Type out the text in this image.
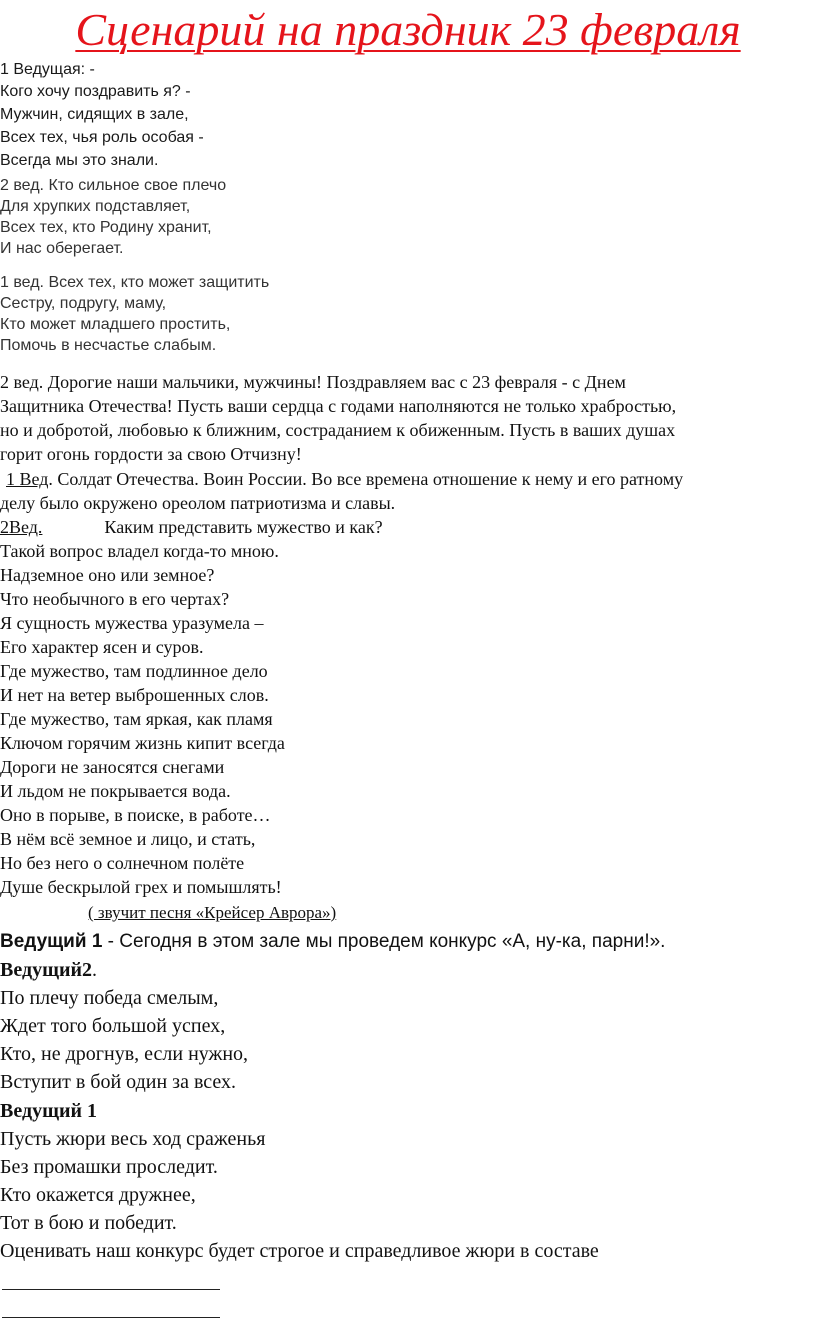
Сценарий на праздник 23 февраля
1 Ведущая: -
Кого хочу поздравить я? -
Мужчин, сидящих в зале,
Всех тех, чья роль особая -
Всегда мы это знали.
2 вед. Кто сильное свое плечо
Для хрупких подставляет,
Всех тех, кто Родину хранит,
И нас оберегает.
1 вед. Всех тех, кто может защитить
Сестру, подругу, маму,
Кто может младшего простить,
Помочь в несчастье слабым.
2 вед. Дорогие наши мальчики, мужчины! Поздравляем вас с 23 февраля - с Днем
Защитника Отечества! Пусть ваши сердца с годами наполняются не только храбростью,
но и добротой, любовью к ближним, состраданием к обиженным. Пусть в ваших душах
горит огонь гордости за свою Отчизну!
1 Вед. Солдат Отечества. Воин России. Во все времена отношение к нему и его ратному
делу было окружено ореолом патриотизма и славы.
2Вед.	Каким представить мужество и как?
Такой вопрос владел когда-то мною.
Надземное оно или земное?
Что необычного в его чертах?
Я сущность мужества уразумела –
Его характер ясен и суров.
Где мужество, там подлинное дело
И нет на ветер выброшенных слов.
Где мужество, там яркая, как пламя
Ключом горячим жизнь кипит всегда
Дороги не заносятся снегами
И льдом не покрывается вода.
Оно в порыве, в поиске, в работе…
В нём всё земное и лицо, и стать,
Но без него о солнечном полёте
Душе бескрылой грех и помышлять!
( звучит песня «Крейсер Аврора»)
Ведущий 1 - Сегодня в этом зале мы проведем конкурс «А, ну-ка, парни!».
Ведущий2.
По плечу победа смелым,
Ждет того большой успех,
Кто, не дрогнув, если нужно,
Вступит в бой один за всех.
Ведущий 1
Пусть жюри весь ход сраженья
Без промашки проследит.
Кто окажется дружнее,
Тот в бою и победит.
Оценивать наш конкурс будет строгое и справедливое жюри в составе
